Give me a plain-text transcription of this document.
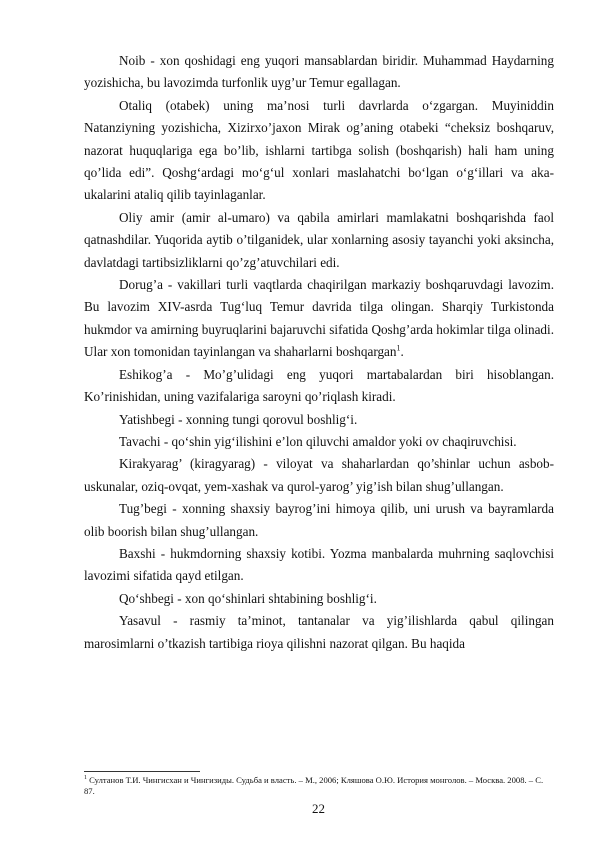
Noib - xon qoshidagi eng yuqori mansablardan biridir. Muhammad Haydarning yozishicha, bu lavozimda turfonlik uyg’ur Temur egallagan.

Otaliq (otabek) uning ma’nosi turli davrlarda o‘zgargan. Muyiniddin Natanziyning yozishicha, Xizirxo’jaxon Mirak og’aning otabeki “cheksiz boshqaruv, nazorat huquqlariga ega bo’lib, ishlarni tartibga solish (boshqarish) hali ham uning qo’lida edi”. Qoshg‘ardagi mo‘g‘ul xonlari maslahatchi bo‘lgan o‘g‘illari va aka-ukalarini ataliq qilib tayinlaganlar.

Oliy amir (amir al-umaro) va qabila amirlari mamlakatni boshqarishda faol qatnashdilar. Yuqorida aytib o’tilganidek, ular xonlarning asosiy tayanchi yoki aksincha, davlatdagi tartibsizliklarni qo’zg’atuvchilari edi.

Dorug’a - vakillari turli vaqtlarda chaqirilgan markaziy boshqaruvdagi lavozim. Bu lavozim XIV-asrda Tug‘luq Temur davrida tilga olingan. Sharqiy Turkistonda hukmdor va amirning buyruqlarini bajaruvchi sifatida Qoshg’arda hokimlar tilga olinadi. Ular xon tomonidan tayinlangan va shaharlarni boshqargan$^1$.

Eshikog’a - Mo’g’ulidagi eng yuqori martabalardan biri hisoblangan. Ko’rinishidan, uning vazifalariga saroyni qo’riqlash kiradi.

Yatishbegi - xonning tungi qorovul boshlig‘i.

Tavachi - qo‘shin yig‘ilishini e’lon qiluvchi amaldor yoki ov chaqiruvchisi.

Kirakyarag’ (kiragyarag) - viloyat va shaharlardan qo’shinlar uchun asbob-uskunalar, oziq-ovqat, yem-xashak va qurol-yarog’ yig’ish bilan shug’ullangan.

Tug’begi - xonning shaxsiy bayrog’ini himoya qilib, uni urush va bayramlarda olib boorish bilan shug’ullangan.

Baxshi - hukmdorning shaxsiy kotibi. Yozma manbalarda muhrning saqlovchisi lavozimi sifatida qayd etilgan.

Qo‘shbegi - xon qo‘shinlari shtabining boshlig‘i.

Yasavul - rasmiy ta’minot, tantanalar va yig’ilishlarda qabul qilingan marosimlarni o’tkazish tartibiga rioya qilishni nazorat qilgan. Bu haqida

$^1$ Султанов Т.И. Чингисхан и Чингизиды. Судьба и власть. – М., 2006; Кляшова О.Ю. История монголов. – Москва. 2008. – С. 87.
22
